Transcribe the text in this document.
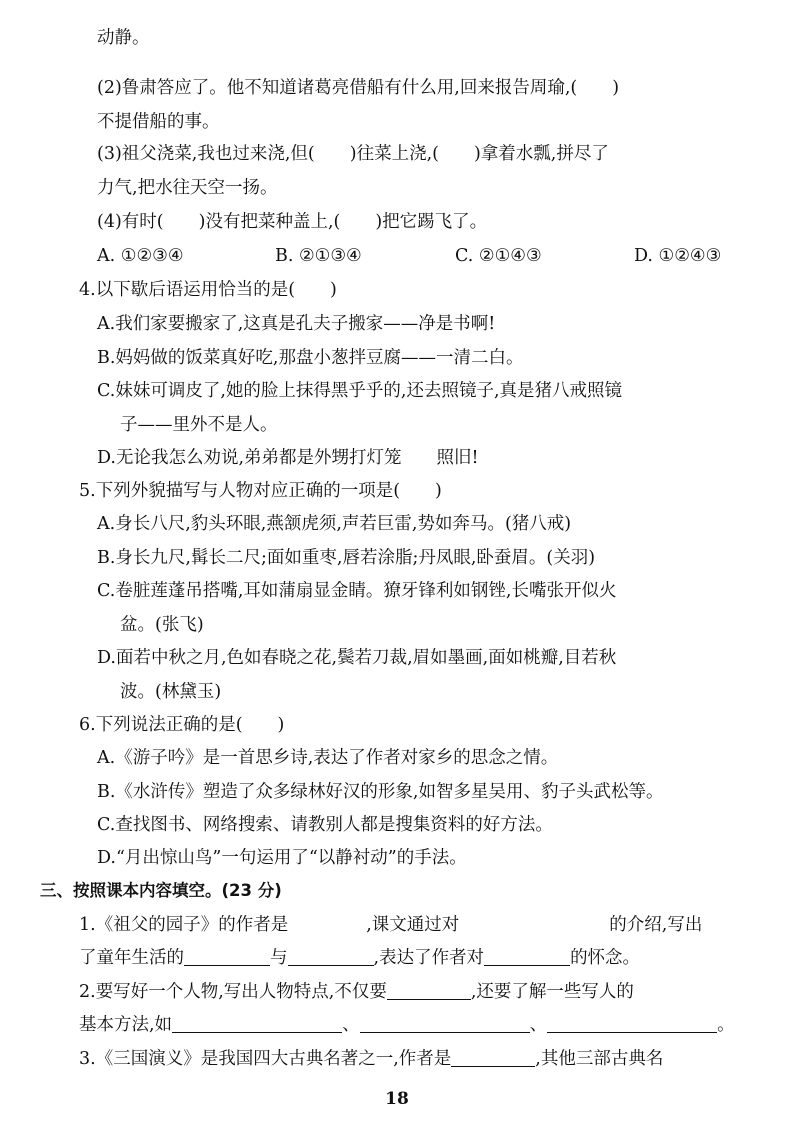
动静。
(2)鲁肃答应了。他不知道诸葛亮借船有什么用,回来报告周瑜,(　　)
不提借船的事。
(3)祖父浇菜,我也过来浇,但(　　)往菜上浇,(　　)拿着水瓢,拼尽了
力气,把水往天空一扬。
(4)有时(　　)没有把菜种盖上,(　　)把它踢飞了。
A. ①②③④	B. ②①③④	C. ②①④③	D. ①②④③
4.以下歇后语运用恰当的是(　　)
A.我们家要搬家了,这真是孔夫子搬家——净是书啊!
B.妈妈做的饭菜真好吃,那盘小葱拌豆腐——一清二白。
C.妹妹可调皮了,她的脸上抹得黑乎乎的,还去照镜子,真是猪八戒照镜
子——里外不是人。
D.无论我怎么劝说,弟弟都是外甥打灯笼　　照旧!
5.下列外貌描写与人物对应正确的一项是(　　)
A.身长八尺,豹头环眼,燕颔虎须,声若巨雷,势如奔马。(猪八戒)
B.身长九尺,髯长二尺;面如重枣,唇若涂脂;丹凤眼,卧蚕眉。(关羽)
C.卷脏莲蓬吊搭嘴,耳如蒲扇显金睛。獠牙锋利如钢锉,长嘴张开似火
盆。(张飞)
D.面若中秋之月,色如春晓之花,鬓若刀裁,眉如墨画,面如桃瓣,目若秋
波。(林黛玉)
6.下列说法正确的是(　　)
A.《游子吟》是一首思乡诗,表达了作者对家乡的思念之情。
B.《水浒传》塑造了众多绿林好汉的形象,如智多星吴用、豹子头武松等。
C.查找图书、网络搜索、请教别人都是搜集资料的好方法。
D.“月出惊山鸟”一句运用了“以静衬动”的手法。
三、按照课本内容填空。(23 分)
1.《祖父的园子》的作者是	,课文通过对	的介绍,写出
了童年生活的	与	,表达了作者对	的怀念。
2.要写好一个人物,写出人物特点,不仅要	,还要了解一些写人的
基本方法,如	、	、	。
3.《三国演义》是我国四大古典名著之一,作者是	,其他三部古典名
18
